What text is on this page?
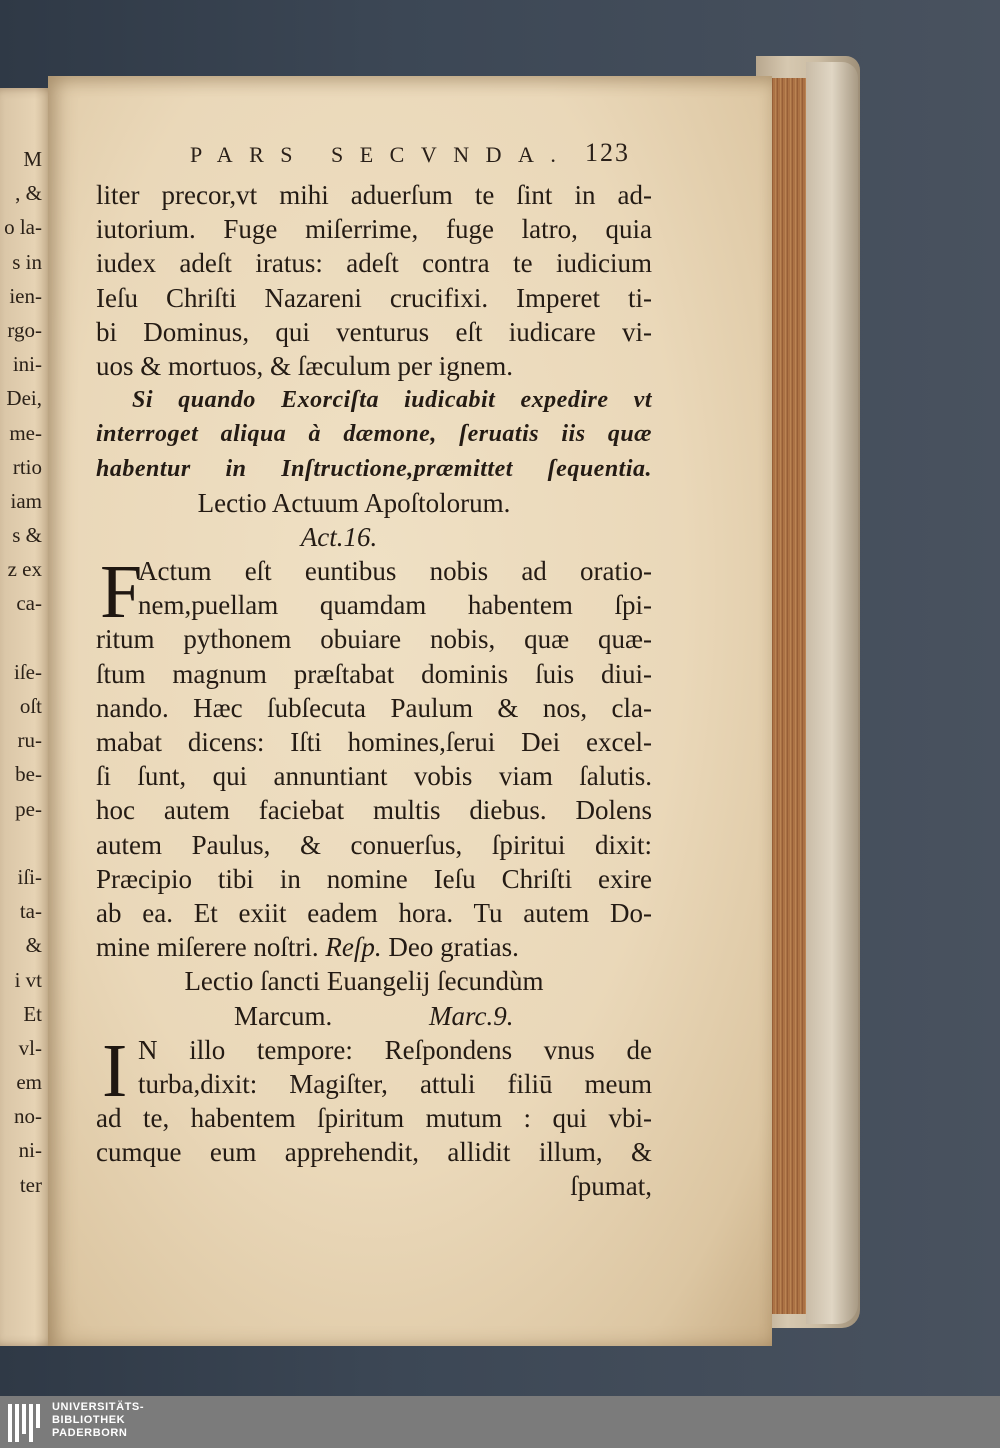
M
, &
o la-
s in
ien-
rgo-
ini-
Dei,
me-
rtio
iam
s &
z ex
ca-
iſe-
oſt
ru-
be-
pe-
iſi-
ta-
&
i vt
Et
vl-
em
no-
ni-
ter
PARS SECVNDA. 123
liter precor,vt mihi aduerſum te ſint in ad-
iutorium. Fuge miſerrime, fuge latro, quia
iudex adeſt iratus: adeſt contra te iudicium
Ieſu Chriſti Nazareni crucifixi. Imperet ti-
bi Dominus, qui venturus eſt iudicare vi-
uos & mortuos, & ſæculum per ignem.
Si quando Exorciſta iudicabit expedire vt
interroget aliqua à dæmone, ſeruatis iis quæ
habentur in Inſtructione,præmittet ſequentia.
Lectio Actuum Apoſtolorum.
Act.16.
F
Actum eſt euntibus nobis ad oratio-
nem,puellam quamdam habentem ſpi-
ritum pythonem obuiare nobis, quæ quæ-
ſtum magnum præſtabat dominis ſuis diui-
nando. Hæc ſubſecuta Paulum & nos, cla-
mabat dicens: Iſti homines,ſerui Dei excel-
ſi ſunt, qui annuntiant vobis viam ſalutis.
hoc autem faciebat multis diebus. Dolens
autem Paulus, & conuerſus, ſpiritui dixit:
Præcipio tibi in nomine Ieſu Chriſti exire
ab ea. Et exiit eadem hora. Tu autem Do-
mine miſerere noſtri. Reſp. Deo gratias.
Lectio ſancti Euangelij ſecundùm
Marcum.	Marc.9.
I N illo tempore: Reſpondens vnus de
turba,dixit: Magiſter, attuli filiū meum
ad te, habentem ſpiritum mutum : qui vbi-
cumque eum apprehendit, allidit illum, &
ſpumat,
UNIVERSITÄTS-
BIBLIOTHEK
PADERBORN
